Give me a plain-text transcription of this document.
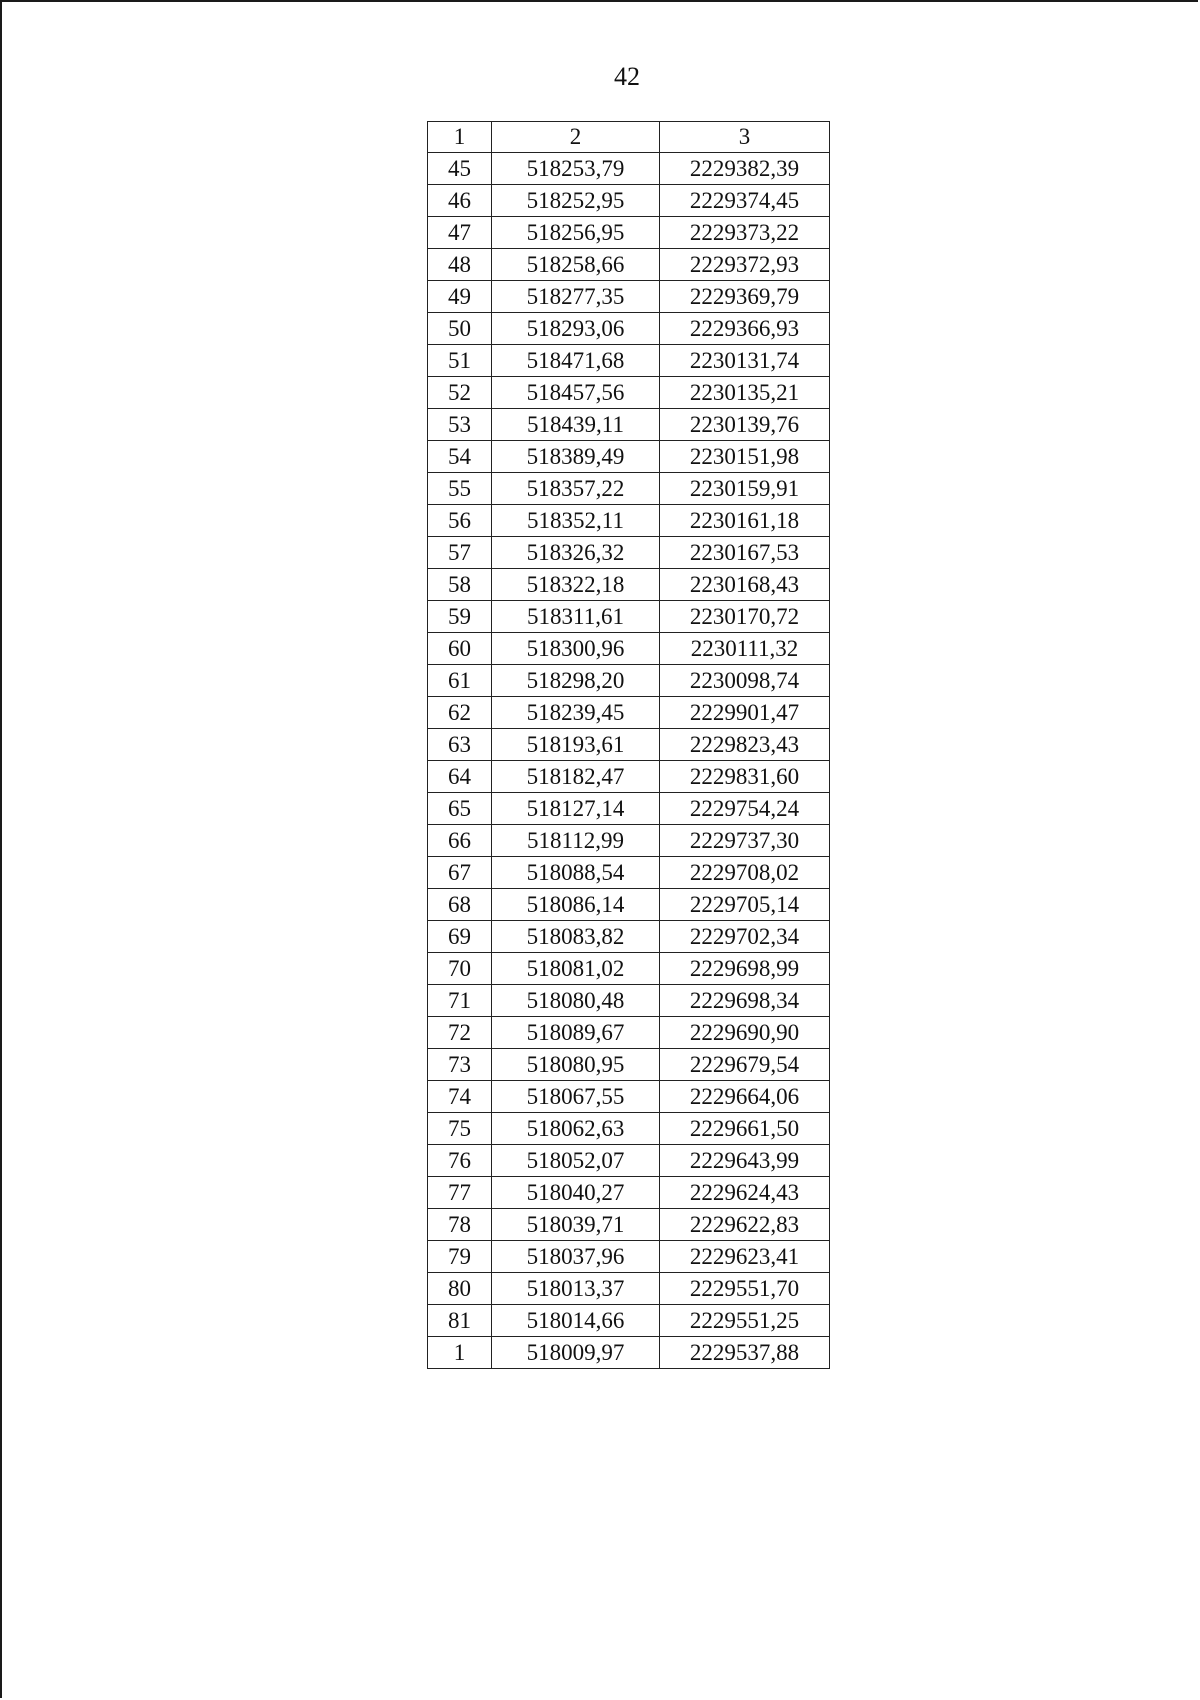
42
1	2	3
45	518253,79	2229382,39
46	518252,95	2229374,45
47	518256,95	2229373,22
48	518258,66	2229372,93
49	518277,35	2229369,79
50	518293,06	2229366,93
51	518471,68	2230131,74
52	518457,56	2230135,21
53	518439,11	2230139,76
54	518389,49	2230151,98
55	518357,22	2230159,91
56	518352,11	2230161,18
57	518326,32	2230167,53
58	518322,18	2230168,43
59	518311,61	2230170,72
60	518300,96	2230111,32
61	518298,20	2230098,74
62	518239,45	2229901,47
63	518193,61	2229823,43
64	518182,47	2229831,60
65	518127,14	2229754,24
66	518112,99	2229737,30
67	518088,54	2229708,02
68	518086,14	2229705,14
69	518083,82	2229702,34
70	518081,02	2229698,99
71	518080,48	2229698,34
72	518089,67	2229690,90
73	518080,95	2229679,54
74	518067,55	2229664,06
75	518062,63	2229661,50
76	518052,07	2229643,99
77	518040,27	2229624,43
78	518039,71	2229622,83
79	518037,96	2229623,41
80	518013,37	2229551,70
81	518014,66	2229551,25
1	518009,97	2229537,88
